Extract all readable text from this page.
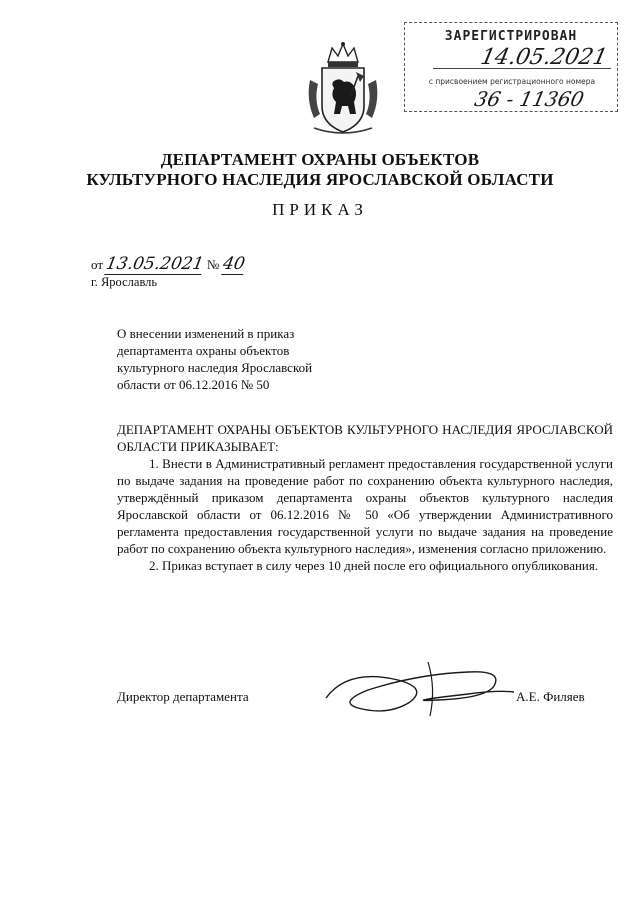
ЗАРЕГИСТРИРОВАН
14.05.2021
с присвоением регистрационного номера
36 - 11360
ДЕПАРТАМЕНТ ОХРАНЫ ОБЪЕКТОВ
КУЛЬТУРНОГО НАСЛЕДИЯ ЯРОСЛАВСКОЙ ОБЛАСТИ
ПРИКАЗ
от 13.05.2021 № 40
г. Ярославль
О внесении изменений в приказ
департамента охраны объектов
культурного наследия Ярославской
области от 06.12.2016 № 50

ДЕПАРТАМЕНТ ОХРАНЫ ОБЪЕКТОВ КУЛЬТУРНОГО НАСЛЕДИЯ ЯРОСЛАВСКОЙ ОБЛАСТИ ПРИКАЗЫВАЕТ:

1. Внести в Административный регламент предоставления государственной услуги по выдаче задания на проведение работ по сохранению объекта культурного наследия, утверждённый приказом департамента охраны объектов культурного наследия Ярославской области от 06.12.2016 № 50 «Об утверждении Административного регламента предоставления государственной услуги по выдаче задания на проведение работ по сохранению объекта культурного наследия», изменения согласно приложению.

2. Приказ вступает в силу через 10 дней после его официального опубликования.

Директор департамента	А.Е. Филяев
